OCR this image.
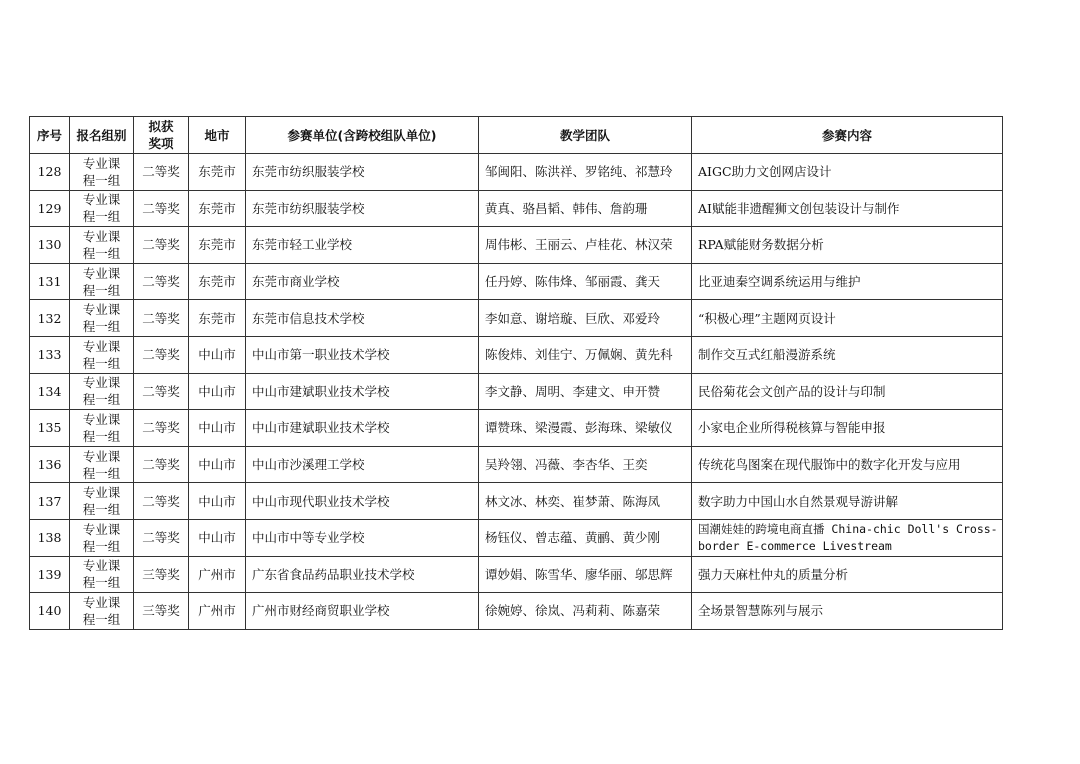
序号	报名组别	拟获奖项	地市	参赛单位(含跨校组队单位)	教学团队	参赛内容
128	专业课程一组	二等奖	东莞市	东莞市纺织服装学校	邹闽阳、陈洪祥、罗铭纯、祁慧玲	AIGC助力文创网店设计
129	专业课程一组	二等奖	东莞市	东莞市纺织服装学校	黄真、骆昌韬、韩伟、詹韵珊	AI赋能非遗醒狮文创包装设计与制作
130	专业课程一组	二等奖	东莞市	东莞市轻工业学校	周伟彬、王丽云、卢桂花、林汉荣	RPA赋能财务数据分析
131	专业课程一组	二等奖	东莞市	东莞市商业学校	任丹婷、陈伟烽、邹丽霞、龚天	比亚迪秦空调系统运用与维护
132	专业课程一组	二等奖	东莞市	东莞市信息技术学校	李如意、谢培璇、巨欣、邓爱玲	“积极心理”主题网页设计
133	专业课程一组	二等奖	中山市	中山市第一职业技术学校	陈俊炜、刘佳宁、万佩娴、黄先科	制作交互式红船漫游系统
134	专业课程一组	二等奖	中山市	中山市建斌职业技术学校	李文静、周明、李建文、申开赞	民俗菊花会文创产品的设计与印制
135	专业课程一组	二等奖	中山市	中山市建斌职业技术学校	谭赞珠、梁漫霞、彭海珠、梁敏仪	小家电企业所得税核算与智能申报
136	专业课程一组	二等奖	中山市	中山市沙溪理工学校	吴羚翎、冯薇、李杏华、王奕	传统花鸟图案在现代服饰中的数字化开发与应用
137	专业课程一组	二等奖	中山市	中山市现代职业技术学校	林文冰、林奕、崔梦萧、陈海凤	数字助力中国山水自然景观导游讲解
138	专业课程一组	二等奖	中山市	中山市中等专业学校	杨钰仪、曾志蕴、黄鹂、黄少刚	国潮娃娃的跨境电商直播 China-chic Doll's Cross-border E-commerce Livestream
139	专业课程一组	三等奖	广州市	广东省食品药品职业技术学校	谭妙娟、陈雪华、廖华丽、邬思辉	强力天麻杜仲丸的质量分析
140	专业课程一组	三等奖	广州市	广州市财经商贸职业学校	徐婉婷、徐岚、冯莉莉、陈嘉荣	全场景智慧陈列与展示
